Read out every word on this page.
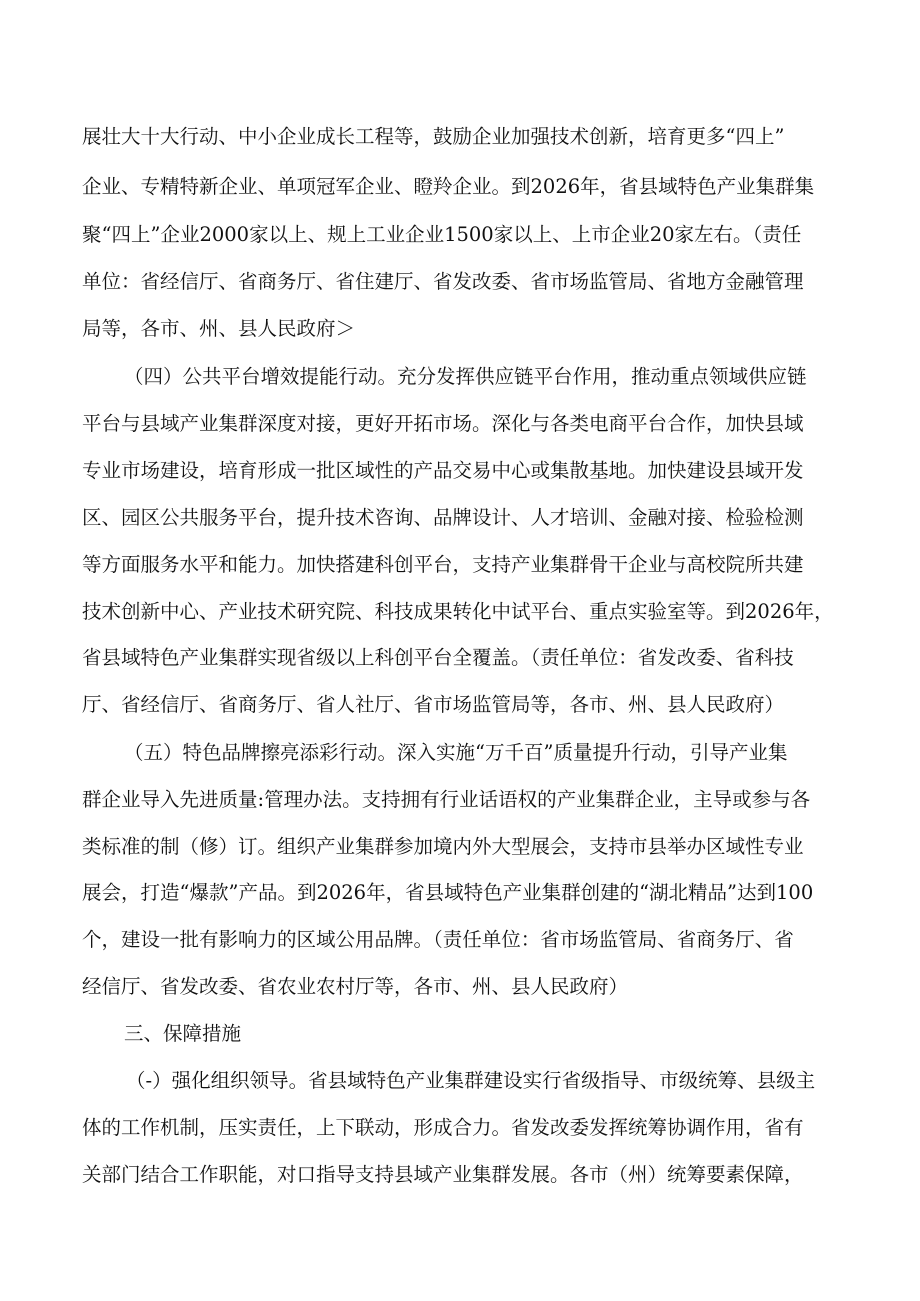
展壮大十大行动、中小企业成长工程等，鼓励企业加强技术创新，培育更多“四上”
企业、专精特新企业、单项冠军企业、瞪羚企业。到2026年，省县域特色产业集群集
聚“四上”企业2000家以上、规上工业企业1500家以上、上市企业20家左右。（责任
单位：省经信厅、省商务厅、省住建厅、省发改委、省市场监管局、省地方金融管理
局等，各市、州、县人民政府＞
（四）公共平台增效提能行动。充分发挥供应链平台作用，推动重点领域供应链
平台与县域产业集群深度对接，更好开拓市场。深化与各类电商平台合作，加快县域
专业市场建设，培育形成一批区域性的产品交易中心或集散基地。加快建设县域开发
区、园区公共服务平台，提升技术咨询、品牌设计、人才培训、金融对接、检验检测
等方面服务水平和能力。加快搭建科创平台，支持产业集群骨干企业与高校院所共建
技术创新中心、产业技术研究院、科技成果转化中试平台、重点实验室等。到2026年，
省县域特色产业集群实现省级以上科创平台全覆盖。（责任单位：省发改委、省科技
厅、省经信厅、省商务厅、省人社厅、省市场监管局等，各市、州、县人民政府）
（五）特色品牌擦亮添彩行动。深入实施“万千百”质量提升行动，引导产业集
群企业导入先进质量:管理办法。支持拥有行业话语权的产业集群企业，主导或参与各
类标准的制（修）订。组织产业集群参加境内外大型展会，支持市县举办区域性专业
展会，打造“爆款”产品。到2026年，省县域特色产业集群创建的“湖北精品”达到100
个，建设一批有影响力的区域公用品牌。（责任单位：省市场监管局、省商务厅、省
经信厅、省发改委、省农业农村厅等，各市、州、县人民政府）
三、保障措施
（-）强化组织领导。省县域特色产业集群建设实行省级指导、市级统筹、县级主
体的工作机制，压实责任，上下联动，形成合力。省发改委发挥统筹协调作用，省有
关部门结合工作职能，对口指导支持县域产业集群发展。各市（州）统筹要素保障，
